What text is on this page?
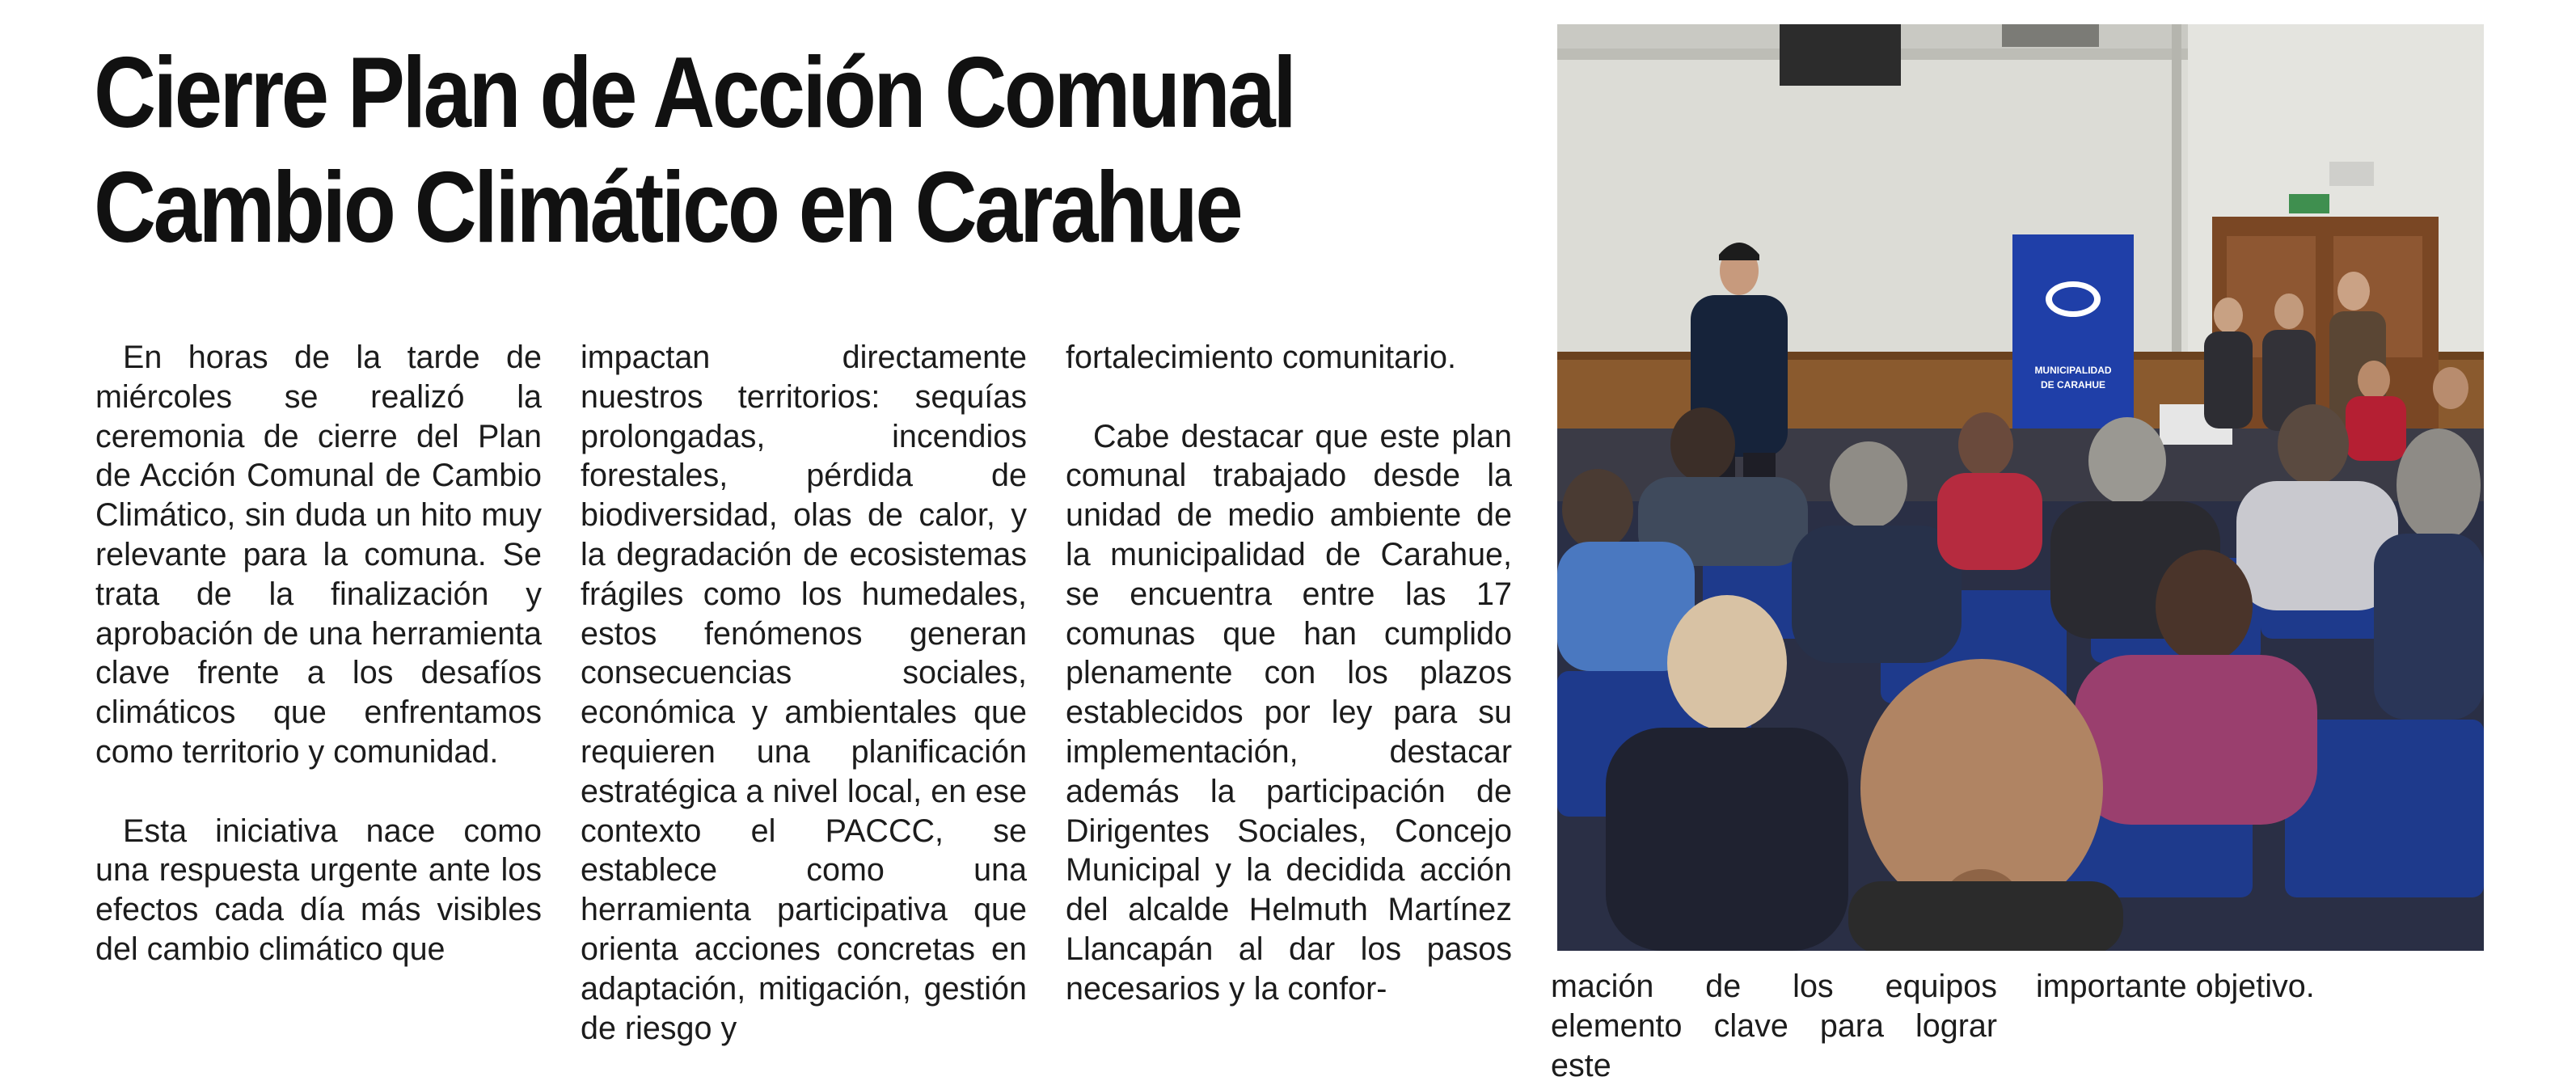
Cierre Plan de Acción Comunal
Cambio Climático en Carahue

En horas de la tarde de miércoles se realizó la ceremonia de cierre del Plan de Acción Comunal de Cambio Climático, sin duda un hito muy relevante para la comuna. Se trata de la finalización y aprobación de una herramienta clave frente a los desafíos climáticos que enfrentamos como territorio y comunidad.

Esta iniciativa nace como una respuesta urgente ante los efectos cada día más visibles del cambio climático que

impactan directamente nuestros territorios: sequías prolongadas, incendios forestales, pérdida de biodiversidad, olas de calor, y la degradación de ecosistemas frágiles como los humedales, estos fenómenos generan consecuencias sociales, económica y ambientales que requieren una planificación estratégica a nivel local, en ese contexto el PACCC, se establece como una herramienta participativa que orienta acciones concretas en adaptación, mitigación, gestión de riesgo y

fortalecimiento comunitario.

Cabe destacar que este plan comunal trabajado desde la unidad de medio ambiente de la municipalidad de Carahue, se encuentra entre las 17 comunas que han cumplido plenamente con los plazos establecidos por ley para su implementación, destacar además la participación de Dirigentes Sociales, Concejo Municipal y la decidida acción del alcalde Helmuth Martínez Llancapán al dar los pasos necesarios y la confor-	mación de los equipos elemento clave para lograr este

importante objetivo.

MUNICIPALIDAD
DE CARAHUE
